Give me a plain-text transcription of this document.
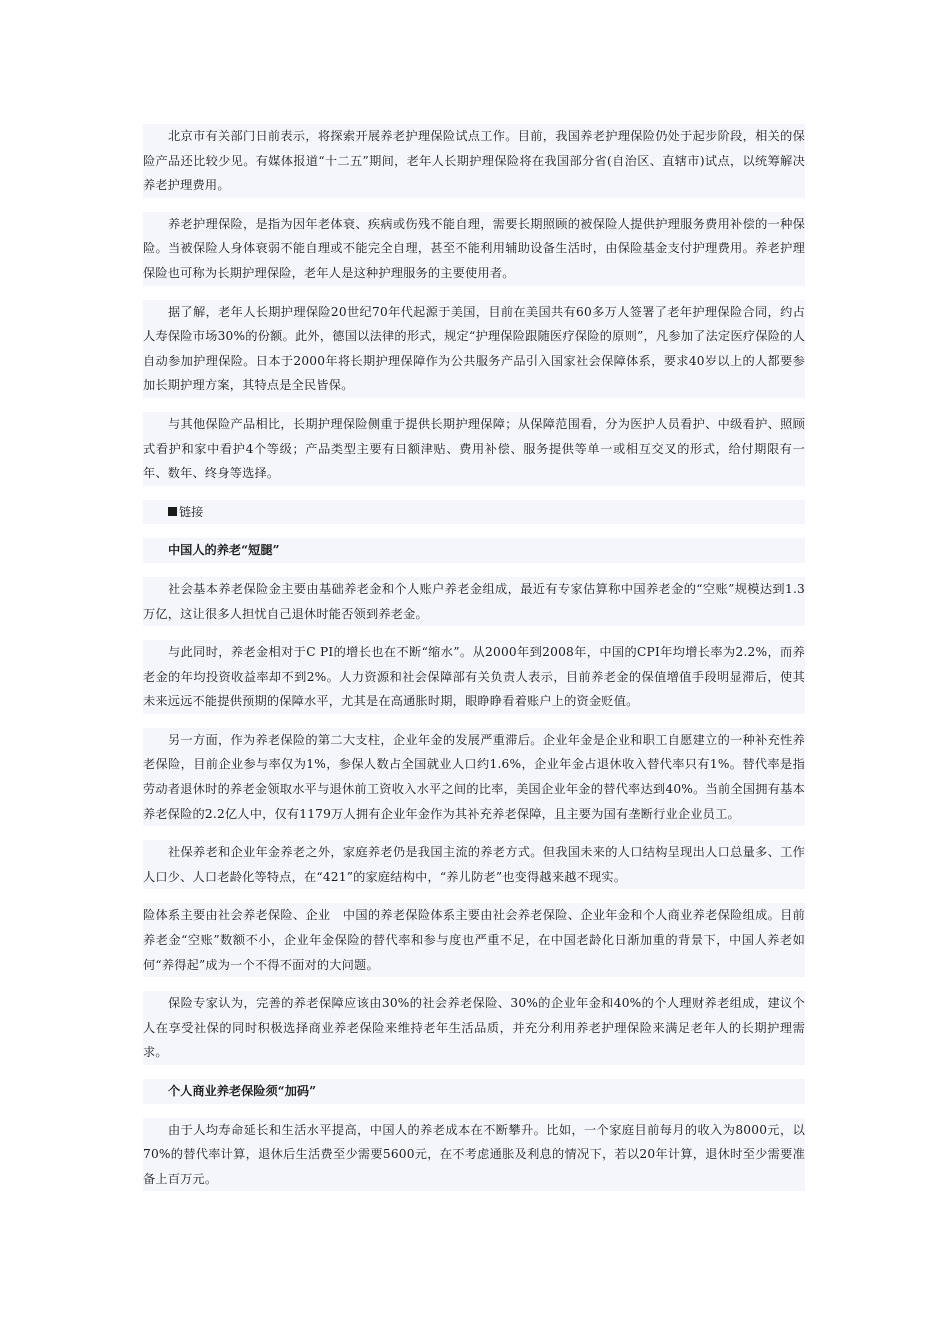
北京市有关部门日前表示，将探索开展养老护理保险试点工作。目前，我国养老护理保险仍处于起步阶段，相关的保险产品还比较少见。有媒体报道“十二五”期间，老年人长期护理保险将在我国部分省(自治区、直辖市)试点，以统筹解决养老护理费用。

养老护理保险，是指为因年老体衰、疾病或伤残不能自理，需要长期照顾的被保险人提供护理服务费用补偿的一种保险。当被保险人身体衰弱不能自理或不能完全自理，甚至不能利用辅助设备生活时，由保险基金支付护理费用。养老护理保险也可称为长期护理保险，老年人是这种护理服务的主要使用者。

据了解，老年人长期护理保险20世纪70年代起源于美国，目前在美国共有60多万人签署了老年护理保险合同，约占人寿保险市场30%的份额。此外，德国以法律的形式，规定“护理保险跟随医疗保险的原则”，凡参加了法定医疗保险的人自动参加护理保险。日本于2000年将长期护理保障作为公共服务产品引入国家社会保障体系，要求40岁以上的人都要参加长期护理方案，其特点是全民皆保。

与其他保险产品相比，长期护理保险侧重于提供长期护理保障；从保障范围看，分为医护人员看护、中级看护、照顾式看护和家中看护4个等级；产品类型主要有日额津贴、费用补偿、服务提供等单一或相互交叉的形式，给付期限有一年、数年、终身等选择。

链接
中国人的养老“短腿”

社会基本养老保险金主要由基础养老金和个人账户养老金组成，最近有专家估算称中国养老金的“空账”规模达到1.3万亿，这让很多人担忧自己退休时能否领到养老金。

与此同时，养老金相对于C PI的增长也在不断“缩水”。从2000年到2008年，中国的CPI年均增长率为2.2%，而养老金的年均投资收益率却不到2%。人力资源和社会保障部有关负责人表示，目前养老金的保值增值手段明显滞后，使其未来远远不能提供预期的保障水平，尤其是在高通胀时期，眼睁睁看着账户上的资金贬值。

另一方面，作为养老保险的第二大支柱，企业年金的发展严重滞后。企业年金是企业和职工自愿建立的一种补充性养老保险，目前企业参与率仅为1%，参保人数占全国就业人口约1.6%，企业年金占退休收入替代率只有1%。替代率是指劳动者退休时的养老金领取水平与退休前工资收入水平之间的比率，美国企业年金的替代率达到40%。当前全国拥有基本养老保险的2.2亿人中，仅有1179万人拥有企业年金作为其补充养老保障，且主要为国有垄断行业企业员工。

社保养老和企业年金养老之外，家庭养老仍是我国主流的养老方式。但我国未来的人口结构呈现出人口总量多、工作人口少、人口老龄化等特点，在“421”的家庭结构中，“养儿防老”也变得越来越不现实。

险体系主要由社会养老保险、企业　中国的养老保险体系主要由社会养老保险、企业年金和个人商业养老保险组成。目前养老金“空账”数额不小，企业年金保险的替代率和参与度也严重不足，在中国老龄化日渐加重的背景下，中国人养老如何“养得起”成为一个不得不面对的大问题。

保险专家认为，完善的养老保障应该由30%的社会养老保险、30%的企业年金和40%的个人理财养老组成，建议个人在享受社保的同时积极选择商业养老保险来维持老年生活品质，并充分利用养老护理保险来满足老年人的长期护理需求。

个人商业养老保险须“加码”

由于人均寿命延长和生活水平提高，中国人的养老成本在不断攀升。比如，一个家庭目前每月的收入为8000元，以70%的替代率计算，退休后生活费至少需要5600元，在不考虑通胀及利息的情况下，若以20年计算，退休时至少需要准备上百万元。
